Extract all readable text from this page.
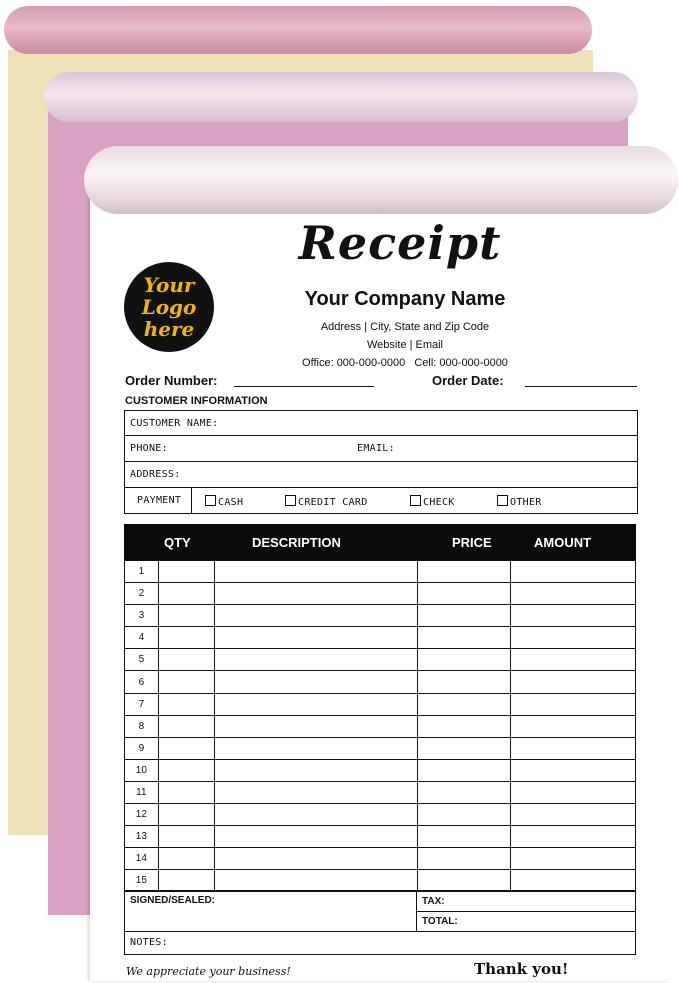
Receipt
Your
Logo
here
Your Company Name
Address | City, State and Zip Code
Website | Email
Office: 000-000-0000   Cell: 000-000-0000
Order Number:	Order Date:
CUSTOMER INFORMATION
CUSTOMER NAME:
PHONE:	EMAIL:
ADDRESS:
PAYMENT	CASH	CREDIT CARD	CHECK	OTHER
QTY	DESCRIPTION	PRICE	AMOUNT
1				
2				
3				
4				
5				
6				
7				
8				
9				
10				
11				
12				
13				
14				
15				
SIGNED/SEALED:	TAX:
TOTAL:
NOTES:
We appreciate your business!	Thank you!
